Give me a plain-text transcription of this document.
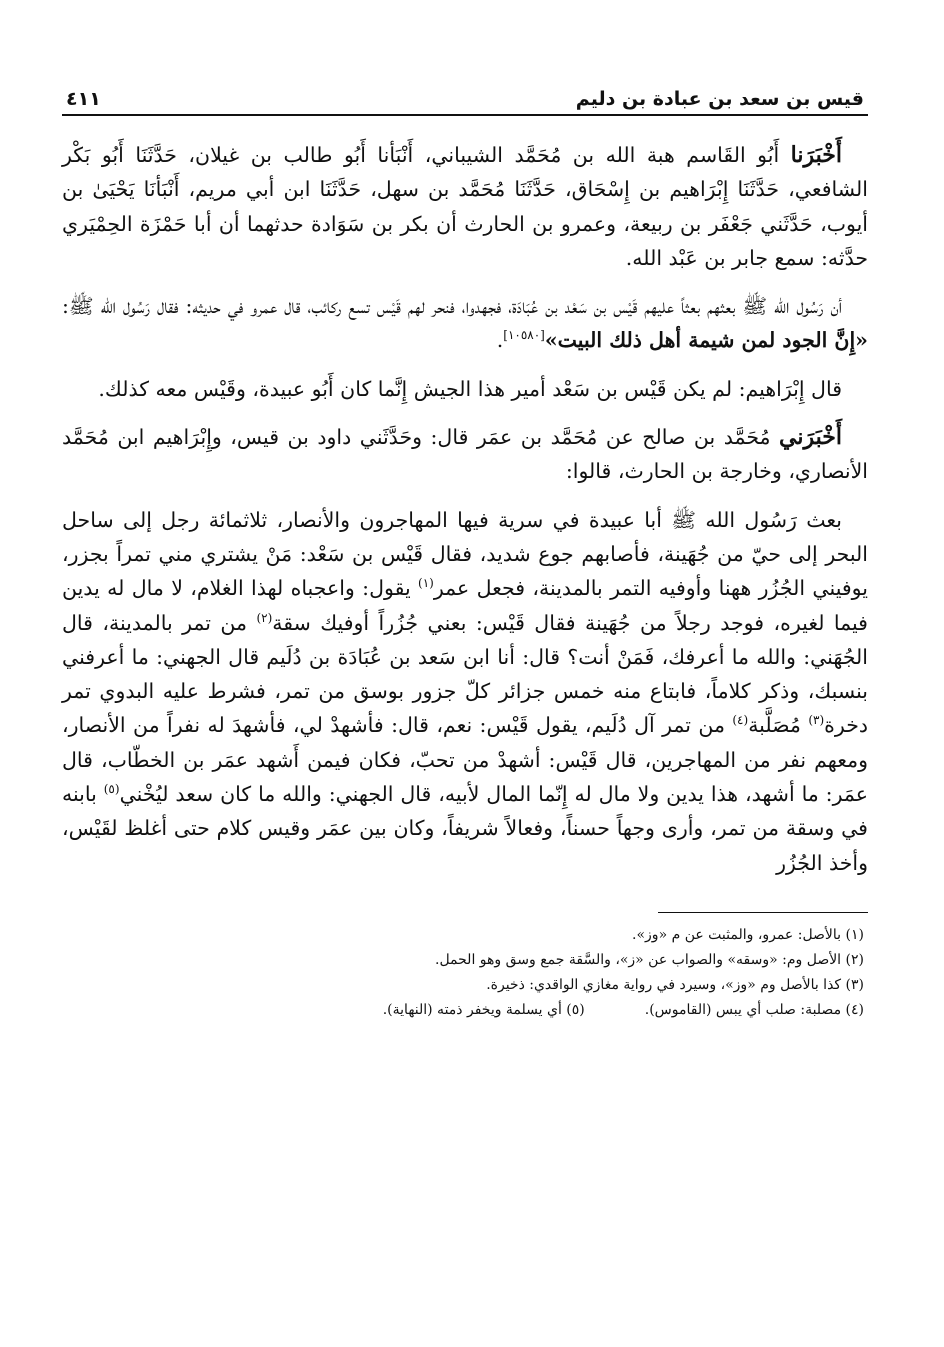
قيس بن سعد بن عبادة بن دليم
٤١١

أَخْبَرَنا أَبُو القَاسم هبة الله بن مُحَمَّد الشيباني، أَنْبَأنا أَبُو طالب بن غيلان، حَدَّثَنَا أَبُو بَكْر الشافعي، حَدَّثَنَا إِبْرَاهيم بن إِسْحَاق، حَدَّثَنَا مُحَمَّد بن سهل، حَدَّثَنَا ابن أبي مريم، أَنْبَأنَا يَحْيَىٰ بن أيوب، حَدَّثَني جَعْفَر بن ربيعة، وعمرو بن الحارث أن بكر بن سَوَادة حدثهما أن أبا حَمْزَة الحِمْيَري حدَّثه: سمع جابر بن عَبْد الله.

أن رَسُول الله ﷺ بعثهم بعثاً عليهم قَيْس بن سَعْد بن عُبَادَة، فجهدوا، فنحر لهم قَيْس تسع ركائب، قال عمرو في حديثه: فقال رَسُول الله ﷺ: «إِنَّ الجود لمن شيمة أهل ذلك البيت»[١٠٥٨٠].

قال إِبْرَاهيم: لم يكن قَيْس بن سَعْد أمير هذا الجيش إِنَّما كان أَبُو عبيدة، وقَيْس معه كذلك.

أَخْبَرَني مُحَمَّد بن صالح عن مُحَمَّد بن عمَر قال: وحَدَّثَني داود بن قيس، وإِبْرَاهيم ابن مُحَمَّد الأنصاري، وخارجة بن الحارث، قالوا:

بعث رَسُول الله ﷺ أبا عبيدة في سرية فيها المهاجرون والأنصار، ثلاثمائة رجل إلى ساحل البحر إلى حيّ من جُهَينة، فأصابهم جوع شديد، فقال قَيْس بن سَعْد: مَنْ يشتري مني تمراً بجزر، يوفيني الجُزُر ههنا وأوفيه التمر بالمدينة، فجعل عمر$^{(١)}$ يقول: واعجباه لهذا الغلام، لا مال له يدين فيما لغيره، فوجد رجلاً من جُهَينة فقال قَيْس: بعني جُزُراً أوفيك سقة$^{(٢)}$ من تمر بالمدينة، قال الجُهَني: والله ما أعرفك، فَمَنْ أنت؟ قال: أنا ابن سَعد بن عُبَادَة بن دُلَيم قال الجهني: ما أعرفني بنسبك، وذكر كلاماً، فابتاع منه خمس جزائر كلّ جزور بوسق من تمر، فشرط عليه البدوي تمر دخرة$^{(٣)}$ مُصَلَّبة$^{(٤)}$ من تمر آل دُلَيم، يقول قَيْس: نعم، قال: فأشهدْ لي، فأشهدَ له نفراً من الأنصار، ومعهم نفر من المهاجرين، قال قَيْس: أشهدْ من تحبّ، فكان فيمن أَشهد عمَر بن الخطّاب، قال عمَر: ما أشهد، هذا يدين ولا مال له إِنّما المال لأبيه، قال الجهني: والله ما كان سعد ليُخْني$^{(٥)}$ بابنه في وسقة من تمر، وأرى وجهاً حسناً، وفعالاً شريفاً، وكان بين عمَر وقيس كلام حتى أغلظ لقَيْس، وأخذ الجُزُر

(١) بالأصل: عمرو، والمثبت عن م «وز».
(٢) الأصل وم: «وسقه» والصواب عن «ز»، والسَّقة جمع وسق وهو الحمل.
(٣) كذا بالأصل وم «وز»، وسيرد في رواية مغازي الواقدي: ذخيرة.
(٤) مصلبة: صلب أي يبس (القاموس).
(٥) أي يسلمة ويخفر ذمته (النهاية).
